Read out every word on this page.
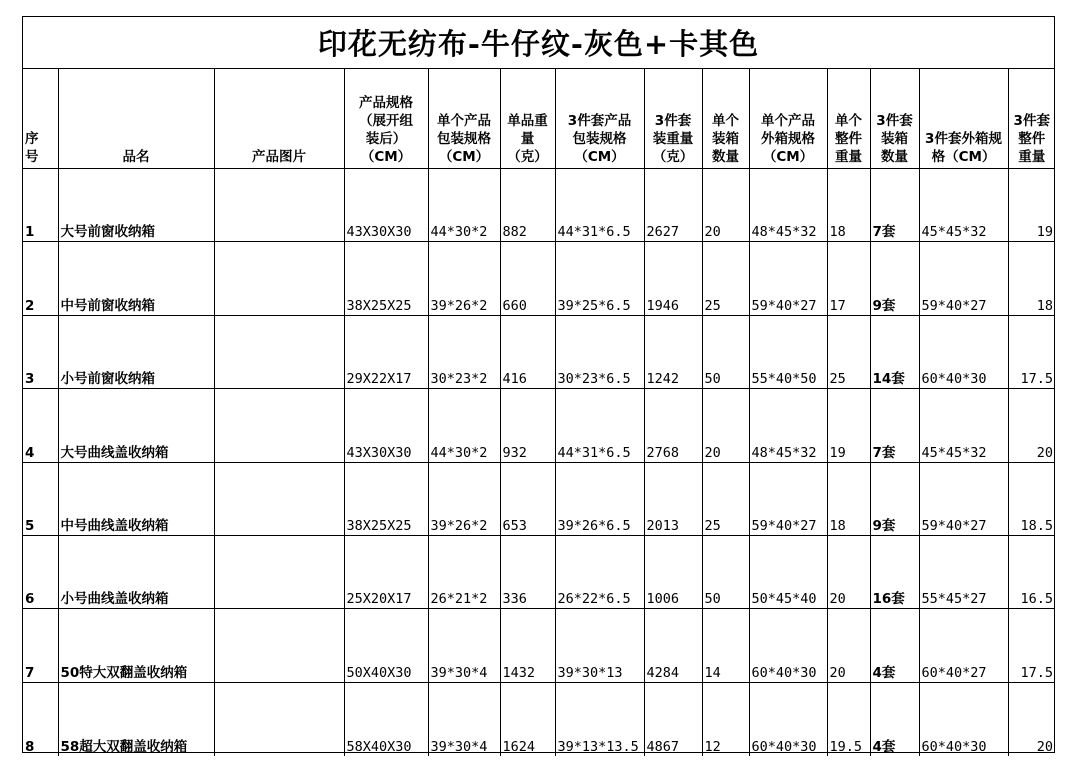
印花无纺布-牛仔纹-灰色+卡其色
序
号	品名	产品图片	产品规格
（展开组
装后）
（CM）	单个产品
包装规格
（CM）	单品重
量
（克）	3件套产品
包装规格
（CM）	3件套
装重量
（克）	单个
装箱
数量	单个产品
外箱规格
（CM）	单个
整件
重量	3件套
装箱
数量	3件套外箱规
格（CM）	3件套
整件
重量
1	大号前窗收纳箱		43X30X30	44*30*2	882	44*31*6.5	2627	20	48*45*32	18	7套	45*45*32	19
2	中号前窗收纳箱		38X25X25	39*26*2	660	39*25*6.5	1946	25	59*40*27	17	9套	59*40*27	18
3	小号前窗收纳箱		29X22X17	30*23*2	416	30*23*6.5	1242	50	55*40*50	25	14套	60*40*30	17.5
4	大号曲线盖收纳箱		43X30X30	44*30*2	932	44*31*6.5	2768	20	48*45*32	19	7套	45*45*32	20
5	中号曲线盖收纳箱		38X25X25	39*26*2	653	39*26*6.5	2013	25	59*40*27	18	9套	59*40*27	18.5
6	小号曲线盖收纳箱		25X20X17	26*21*2	336	26*22*6.5	1006	50	50*45*40	20	16套	55*45*27	16.5
7	50特大双翻盖收纳箱		50X40X30	39*30*4	1432	39*30*13	4284	14	60*40*30	20	4套	60*40*27	17.5
8	58超大双翻盖收纳箱		58X40X30	39*30*4	1624	39*13*13.5	4867	12	60*40*30	19.5	4套	60*40*30	20
